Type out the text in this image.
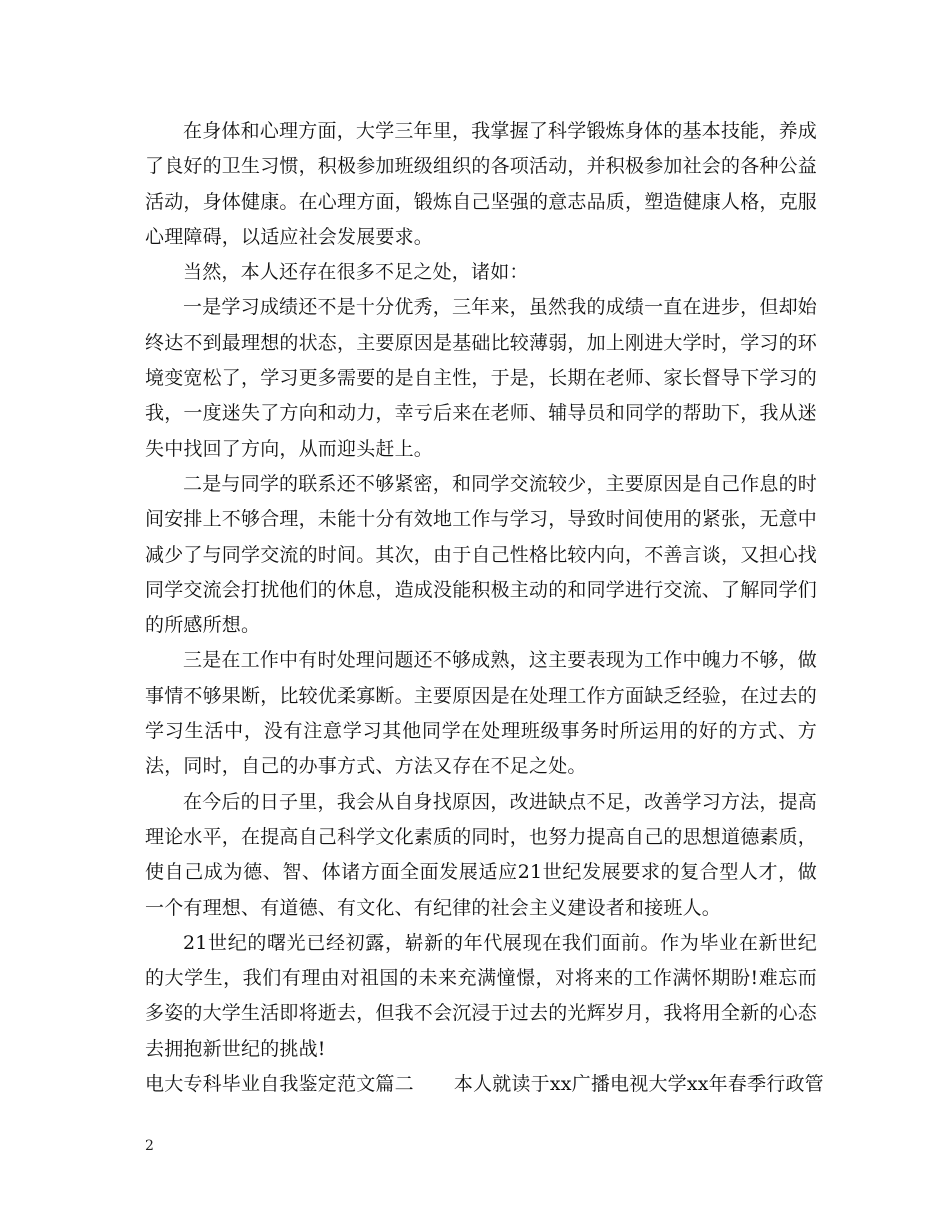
在身体和心理方面，大学三年里，我掌握了科学锻炼身体的基本技能，养成了良好的卫生习惯，积极参加班级组织的各项活动，并积极参加社会的各种公益活动，身体健康。在心理方面，锻炼自己坚强的意志品质，塑造健康人格，克服心理障碍，以适应社会发展要求。

当然，本人还存在很多不足之处，诸如：

一是学习成绩还不是十分优秀，三年来，虽然我的成绩一直在进步，但却始终达不到最理想的状态，主要原因是基础比较薄弱，加上刚进大学时，学习的环境变宽松了，学习更多需要的是自主性，于是，长期在老师、家长督导下学习的我，一度迷失了方向和动力，幸亏后来在老师、辅导员和同学的帮助下，我从迷失中找回了方向，从而迎头赶上。

二是与同学的联系还不够紧密，和同学交流较少，主要原因是自己作息的时间安排上不够合理，未能十分有效地工作与学习，导致时间使用的紧张，无意中减少了与同学交流的时间。其次，由于自己性格比较内向，不善言谈，又担心找同学交流会打扰他们的休息，造成没能积极主动的和同学进行交流、了解同学们的所感所想。

三是在工作中有时处理问题还不够成熟，这主要表现为工作中魄力不够，做事情不够果断，比较优柔寡断。主要原因是在处理工作方面缺乏经验，在过去的学习生活中，没有注意学习其他同学在处理班级事务时所运用的好的方式、方法，同时，自己的办事方式、方法又存在不足之处。

在今后的日子里，我会从自身找原因，改进缺点不足，改善学习方法，提高理论水平，在提高自己科学文化素质的同时，也努力提高自己的思想道德素质，使自己成为德、智、体诸方面全面发展适应21世纪发展要求的复合型人才，做一个有理想、有道德、有文化、有纪律的社会主义建设者和接班人。

21世纪的曙光已经初露，崭新的年代展现在我们面前。作为毕业在新世纪的大学生，我们有理由对祖国的未来充满憧憬，对将来的工作满怀期盼!难忘而多姿的大学生活即将逝去，但我不会沉浸于过去的光辉岁月，我将用全新的心态去拥抱新世纪的挑战!

电大专科毕业自我鉴定范文篇二 本人就读于xx广播电视大学xx年春季行政管

2
